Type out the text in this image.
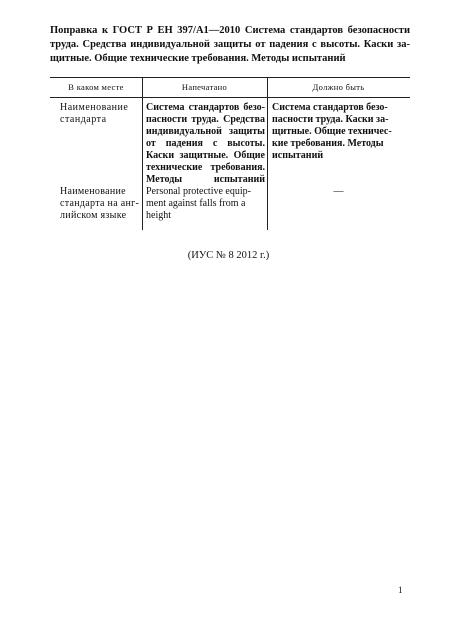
Поправка к ГОСТ Р ЕН 397/А1—2010 Система стандартов безопасности труда. Средства индивидуальной защиты от падения с высоты. Каски за- щитные. Общие технические требования. Методы испытаний

В каком месте	Напечатано	Должно быть

Наименование
стандарта

Система стандартов безо-
пасности труда. Средства
индивидуальной защиты
от падения с высоты.
Каски защитные. Общие
технические требования.
Методы испытаний

Система стандартов безо-
пасности труда. Каски за-
щитные. Общие техничес-
кие требования. Методы
испытаний

Наименование
стандарта на анг-
лийском языке

Personal protective equip-
ment against falls from a
height

—

(ИУС № 8 2012 г.)
1
